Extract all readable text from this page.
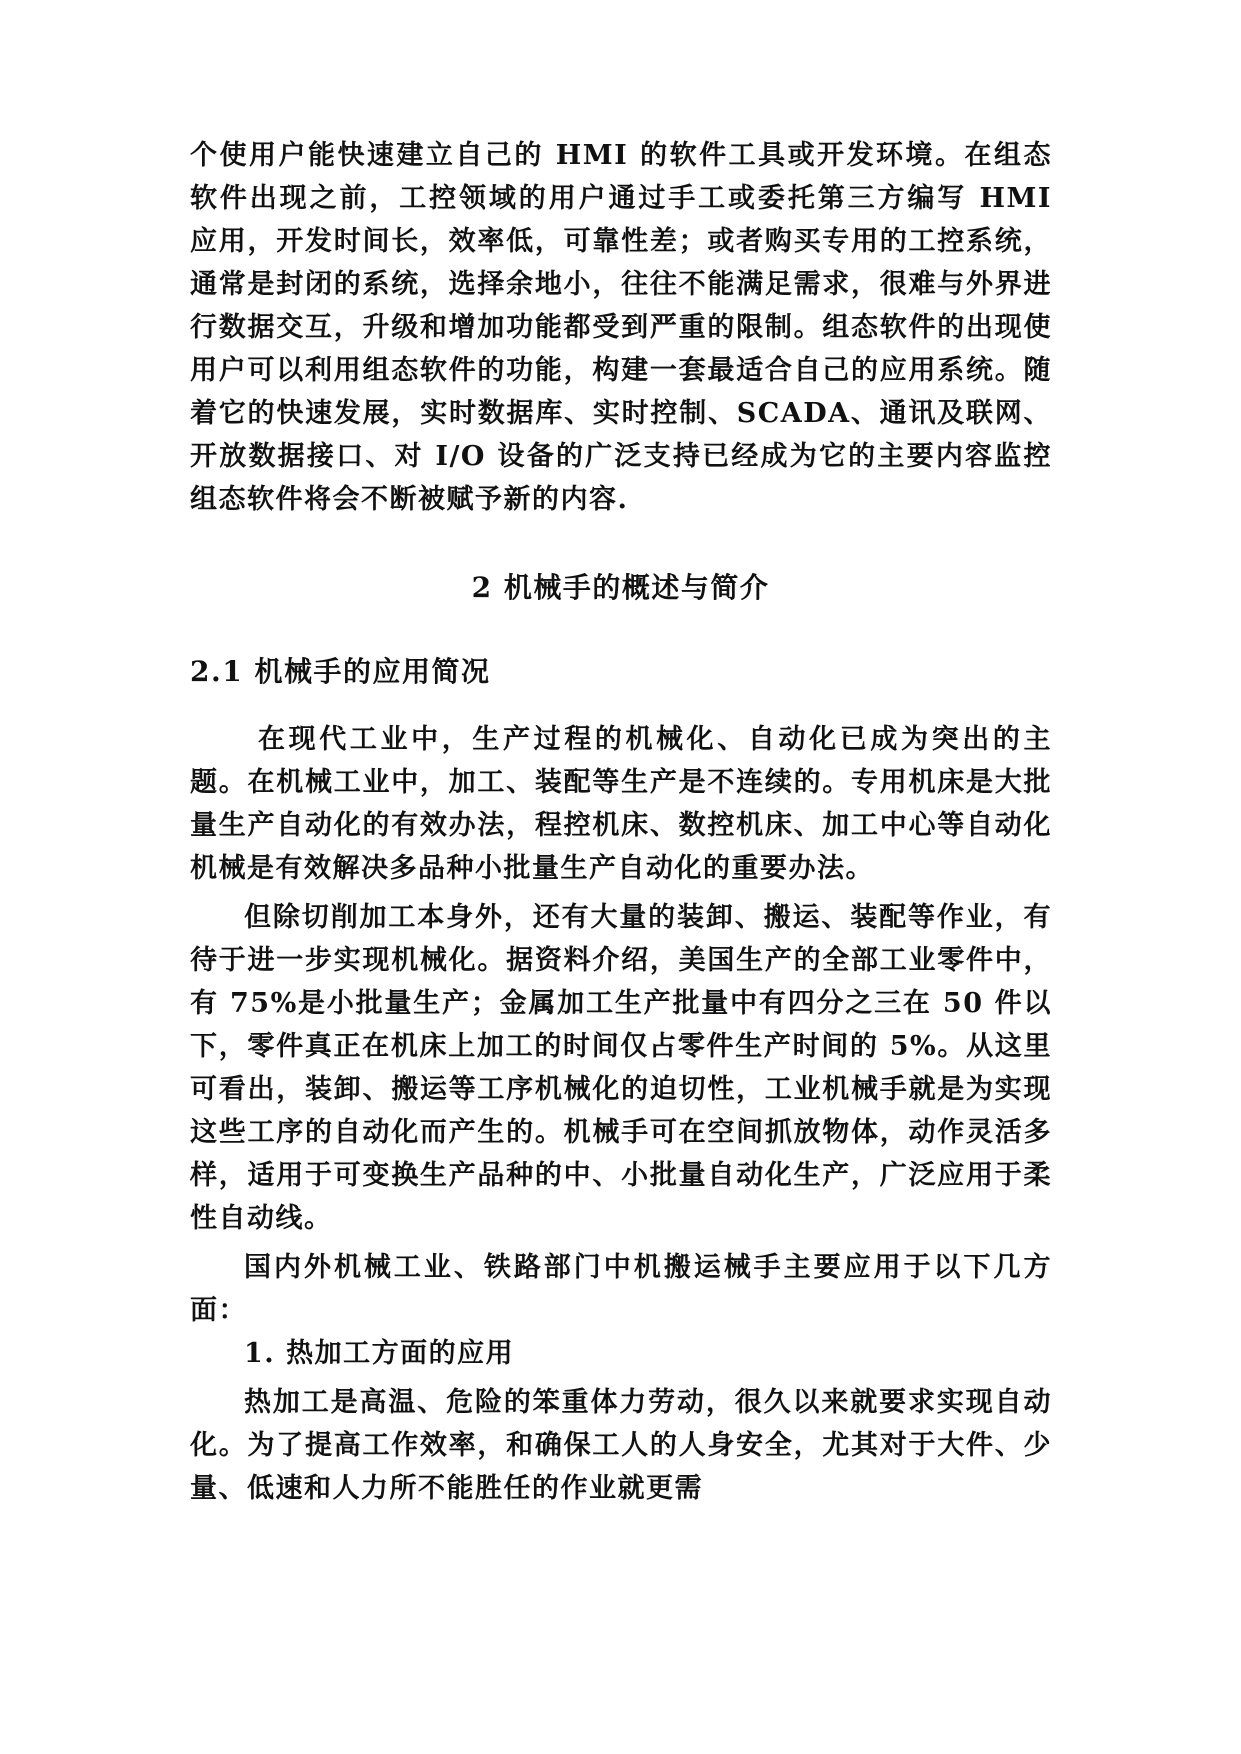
个使用户能快速建立自己的 HMI 的软件工具或开发环境。在组态软件出现之前，工控领域的用户通过手工或委托第三方编写 HMI 应用，开发时间长，效率低，可靠性差；或者购买专用的工控系统，通常是封闭的系统，选择余地小，往往不能满足需求，很难与外界进行数据交互，升级和增加功能都受到严重的限制。组态软件的出现使用户可以利用组态软件的功能，构建一套最适合自己的应用系统。随着它的快速发展，实时数据库、实时控制、SCADA、通讯及联网、开放数据接口、对 I/O 设备的广泛支持已经成为它的主要内容监控组态软件将会不断被赋予新的内容.

2 机械手的概述与简介
2.1 机械手的应用简况

在现代工业中，生产过程的机械化、自动化已成为突出的主题。在机械工业中，加工、装配等生产是不连续的。专用机床是大批量生产自动化的有效办法，程控机床、数控机床、加工中心等自动化机械是有效解决多品种小批量生产自动化的重要办法。

但除切削加工本身外，还有大量的装卸、搬运、装配等作业，有待于进一步实现机械化。据资料介绍，美国生产的全部工业零件中，有 75%是小批量生产；金属加工生产批量中有四分之三在 50 件以下，零件真正在机床上加工的时间仅占零件生产时间的 5%。从这里可看出，装卸、搬运等工序机械化的迫切性，工业机械手就是为实现这些工序的自动化而产生的。机械手可在空间抓放物体，动作灵活多样，适用于可变换生产品种的中、小批量自动化生产，广泛应用于柔性自动线。

国内外机械工业、铁路部门中机搬运械手主要应用于以下几方面：

1. 热加工方面的应用

热加工是高温、危险的笨重体力劳动，很久以来就要求实现自动化。为了提高工作效率，和确保工人的人身安全，尤其对于大件、少量、低速和人力所不能胜任的作业就更需
